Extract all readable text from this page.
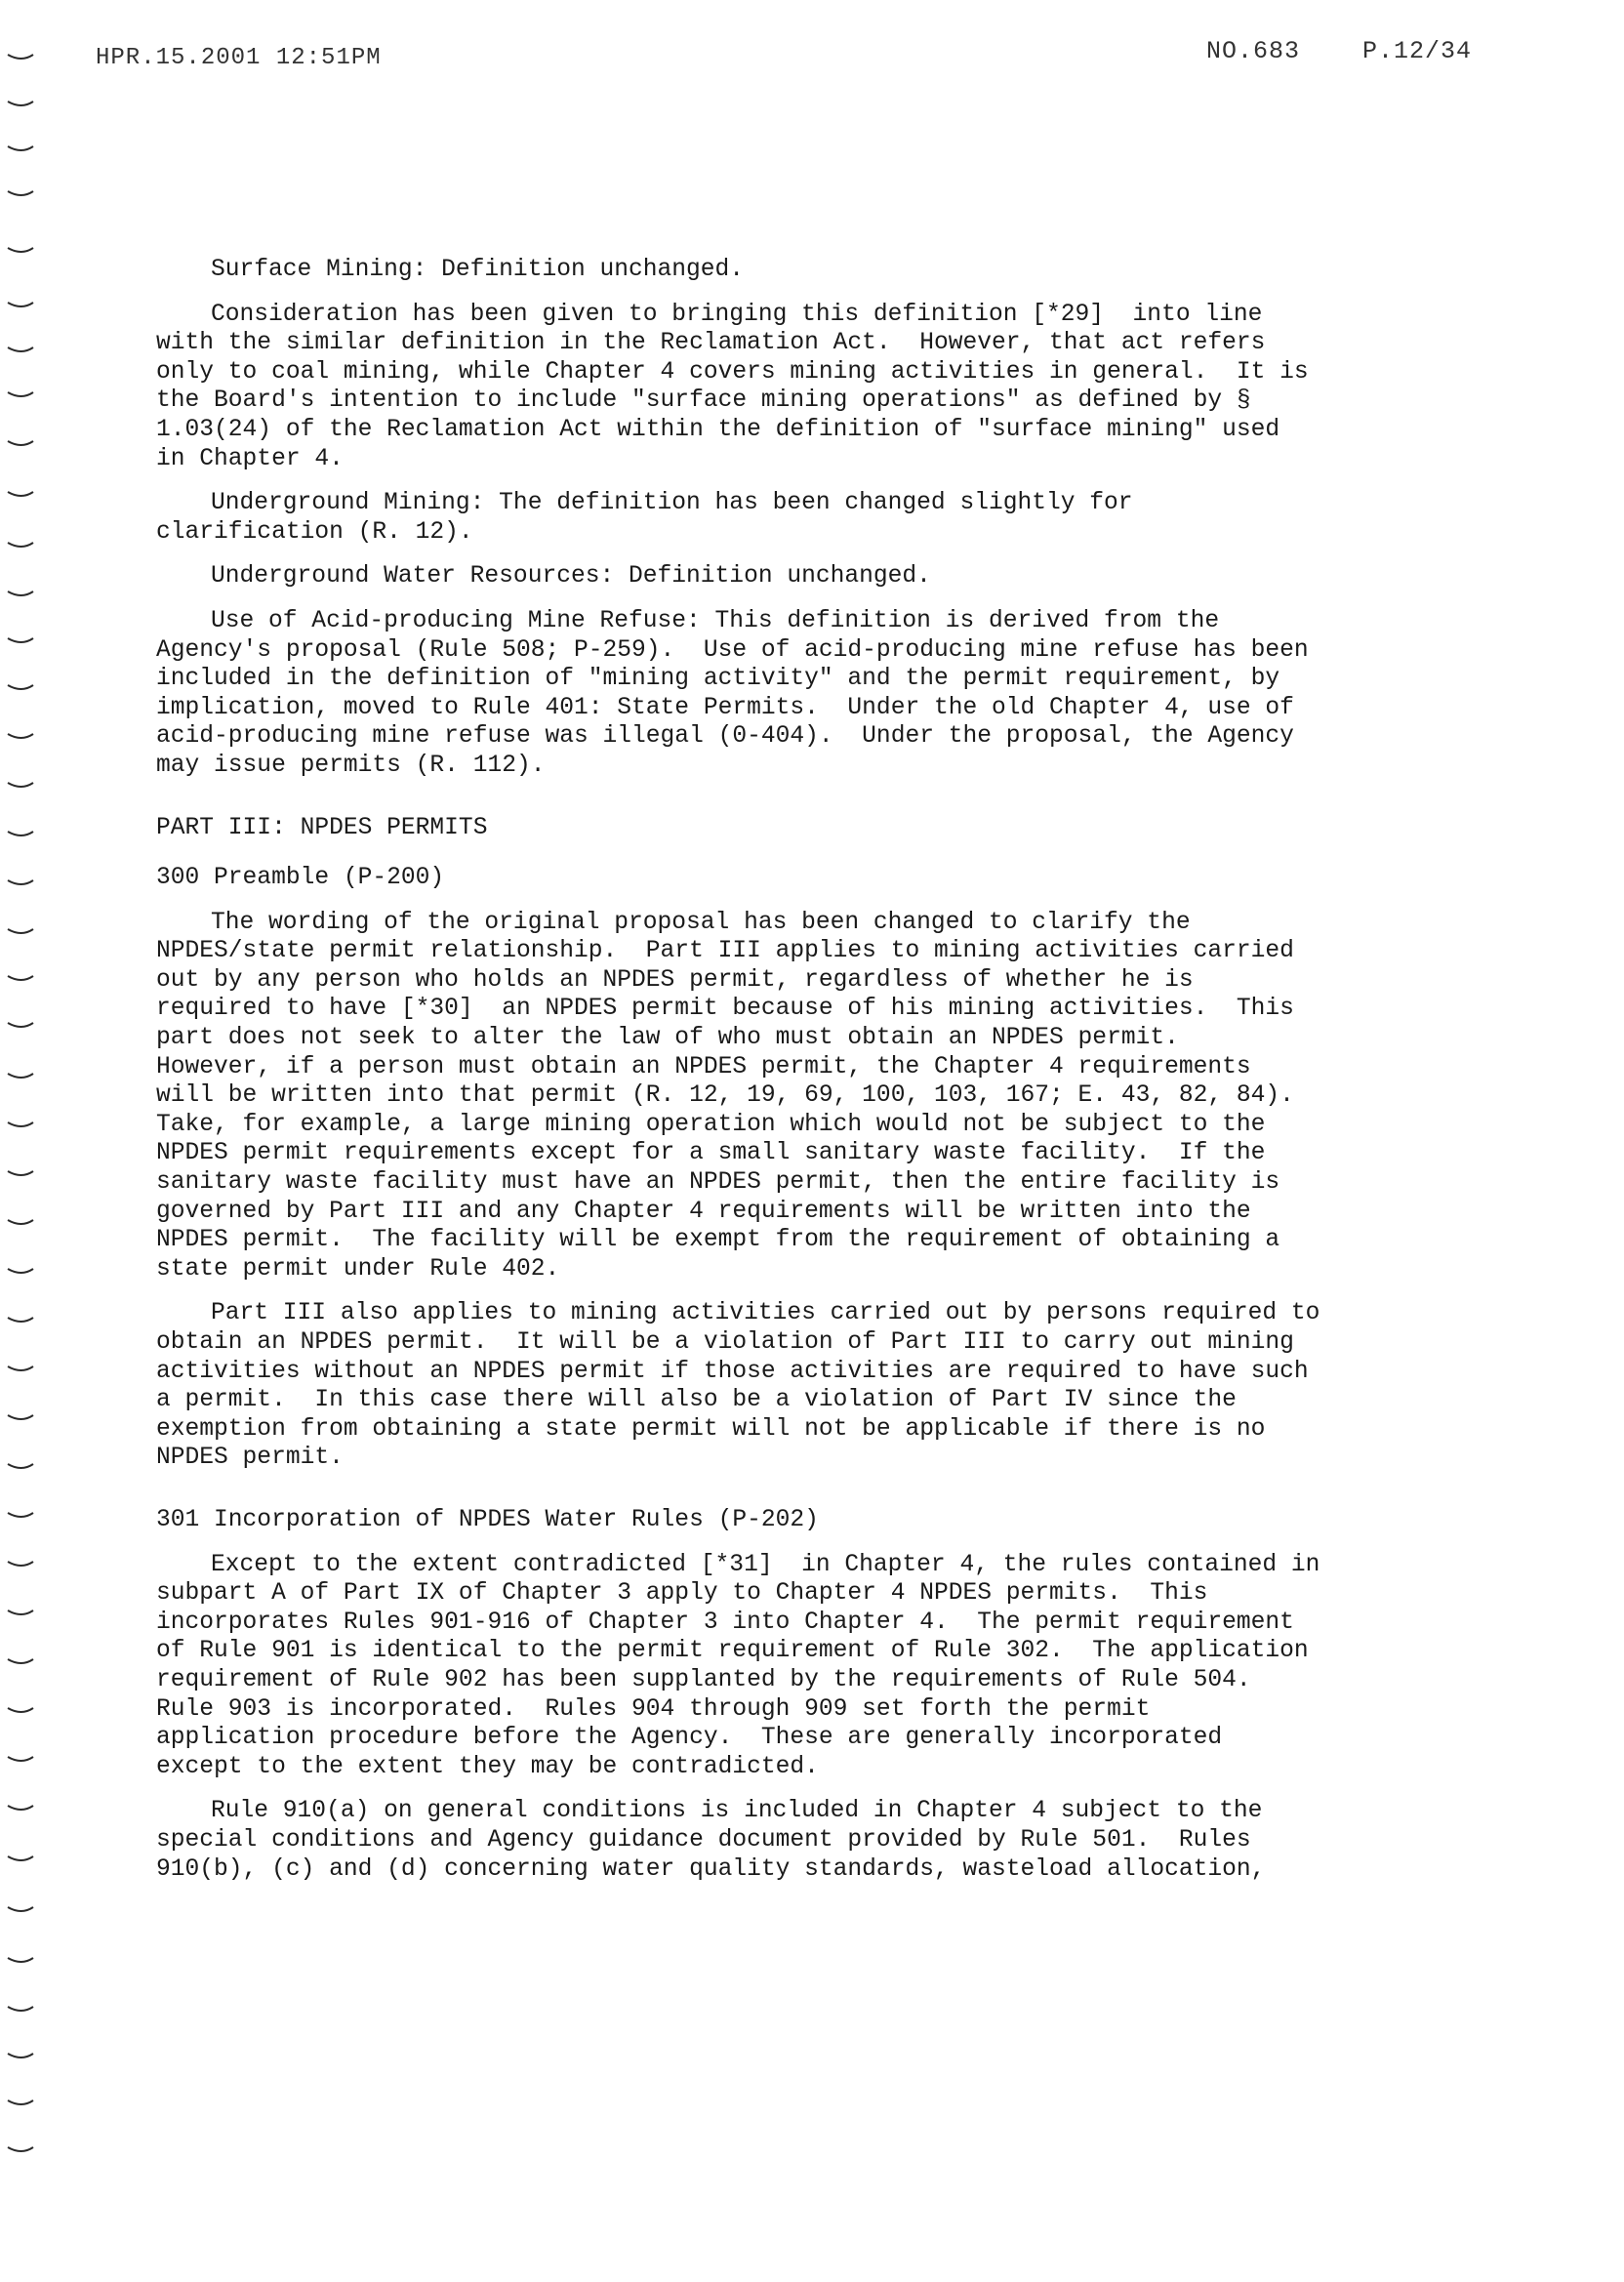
HPR.15.2001 12:51PM	NO.683	P.12/34

Surface Mining: Definition unchanged.

Consideration has been given to bringing this definition [*29]  into line

with the similar definition in the Reclamation Act.  However, that act refers

only to coal mining, while Chapter 4 covers mining activities in general.  It is

the Board's intention to include "surface mining operations" as defined by §

1.03(24) of the Reclamation Act within the definition of "surface mining" used

in Chapter 4.

Underground Mining: The definition has been changed slightly for

clarification (R. 12).

Underground Water Resources: Definition unchanged.

Use of Acid-producing Mine Refuse: This definition is derived from the

Agency's proposal (Rule 508; P-259).  Use of acid-producing mine refuse has been

included in the definition of "mining activity" and the permit requirement, by

implication, moved to Rule 401: State Permits.  Under the old Chapter 4, use of

acid-producing mine refuse was illegal (0-404).  Under the proposal, the Agency

may issue permits (R. 112).

PART III: NPDES PERMITS

300 Preamble (P-200)

The wording of the original proposal has been changed to clarify the

NPDES/state permit relationship.  Part III applies to mining activities carried

out by any person who holds an NPDES permit, regardless of whether he is

required to have [*30]  an NPDES permit because of his mining activities.  This

part does not seek to alter the law of who must obtain an NPDES permit.

However, if a person must obtain an NPDES permit, the Chapter 4 requirements

will be written into that permit (R. 12, 19, 69, 100, 103, 167; E. 43, 82, 84).

Take, for example, a large mining operation which would not be subject to the

NPDES permit requirements except for a small sanitary waste facility.  If the

sanitary waste facility must have an NPDES permit, then the entire facility is

governed by Part III and any Chapter 4 requirements will be written into the

NPDES permit.  The facility will be exempt from the requirement of obtaining a

state permit under Rule 402.

Part III also applies to mining activities carried out by persons required to

obtain an NPDES permit.  It will be a violation of Part III to carry out mining

activities without an NPDES permit if those activities are required to have such

a permit.  In this case there will also be a violation of Part IV since the

exemption from obtaining a state permit will not be applicable if there is no

NPDES permit.

301 Incorporation of NPDES Water Rules (P-202)

Except to the extent contradicted [*31]  in Chapter 4, the rules contained in

subpart A of Part IX of Chapter 3 apply to Chapter 4 NPDES permits.  This

incorporates Rules 901-916 of Chapter 3 into Chapter 4.  The permit requirement

of Rule 901 is identical to the permit requirement of Rule 302.  The application

requirement of Rule 902 has been supplanted by the requirements of Rule 504.

Rule 903 is incorporated.  Rules 904 through 909 set forth the permit

application procedure before the Agency.  These are generally incorporated

except to the extent they may be contradicted.

Rule 910(a) on general conditions is included in Chapter 4 subject to the

special conditions and Agency guidance document provided by Rule 501.  Rules

910(b), (c) and (d) concerning water quality standards, wasteload allocation,
